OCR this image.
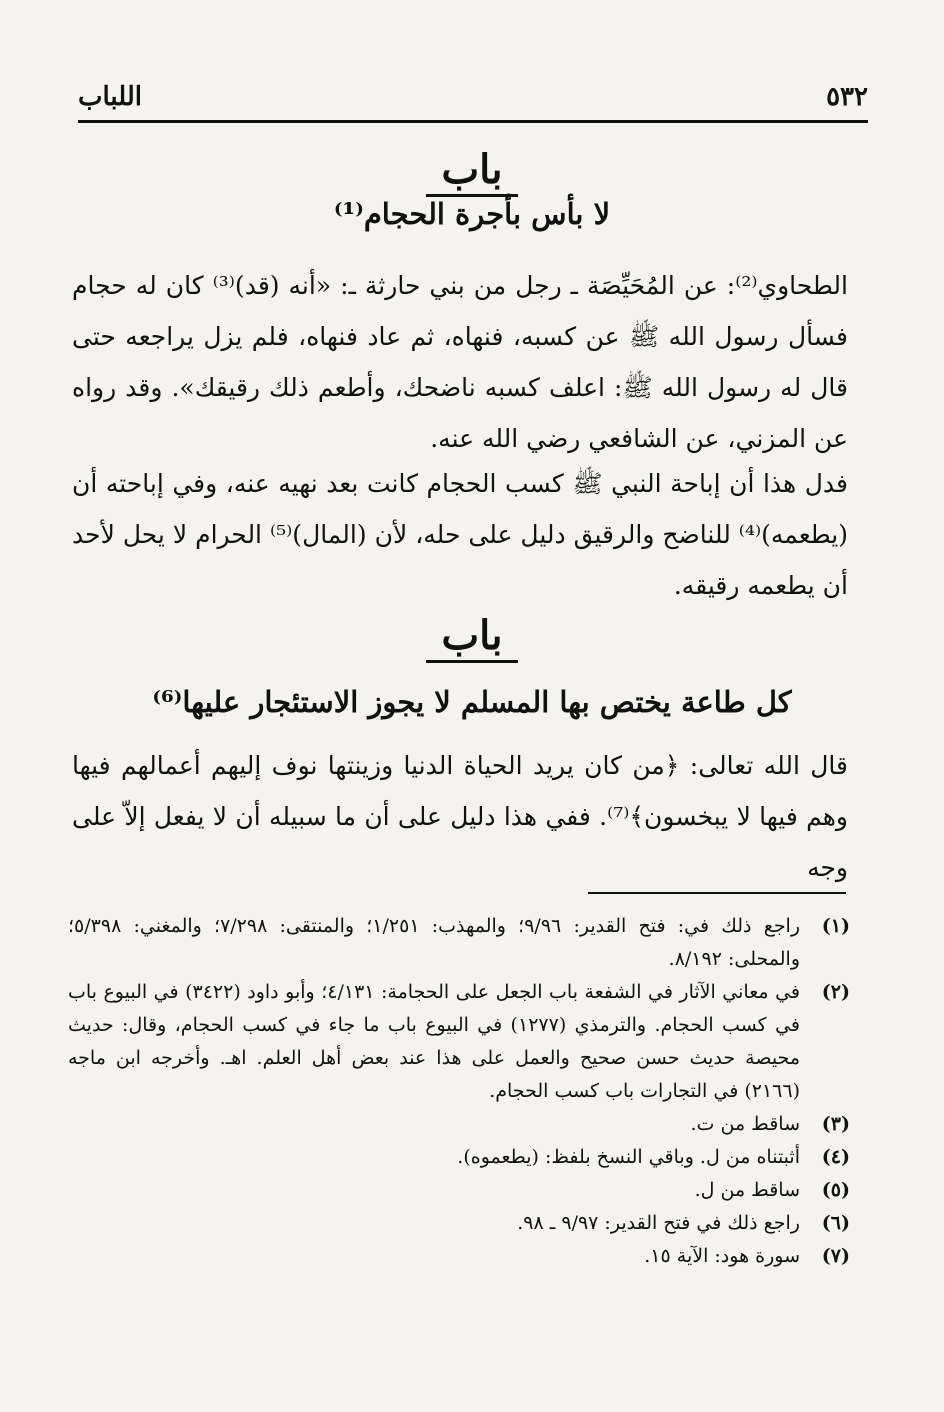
٥٣٢
اللباب
باب
لا بأس بأجرة الحجام⁽¹⁾
الطحاوي⁽²⁾: عن المُحَيِّصَة ـ رجل من بني حارثة ـ: «أنه (قد)⁽³⁾ كان له حجام فسأل رسول الله ﷺ عن كسبه، فنهاه، ثم عاد فنهاه، فلم يزل يراجعه حتى قال له رسول الله ﷺ: اعلف كسبه ناضحك، وأطعم ذلك رقيقك». وقد رواه عن المزني، عن الشافعي رضي الله عنه.
فدل هذا أن إباحة النبي ﷺ كسب الحجام كانت بعد نهيه عنه، وفي إباحته أن (يطعمه)⁽⁴⁾ للناضح والرقيق دليل على حله، لأن (المال)⁽⁵⁾ الحرام لا يحل لأحد أن يطعمه رقيقه.
باب
كل طاعة يختص بها المسلم لا يجوز الاستئجار عليها⁽⁶⁾
قال الله تعالى: ﴿من كان يريد الحياة الدنيا وزينتها نوف إليهم أعمالهم فيها وهم فيها لا يبخسون﴾⁽⁷⁾. ففي هذا دليل على أن ما سبيله أن لا يفعل إلاّ على وجه
(١)
راجع ذلك في: فتح القدير: ٩/٩٦؛ والمهذب: ١/٢٥١؛ والمنتقى: ٧/٢٩٨؛ والمغني: ٥/٣٩٨؛ والمحلى: ٨/١٩٢.
(٢)
في معاني الآثار في الشفعة باب الجعل على الحجامة: ٤/١٣١؛ وأبو داود (٣٤٢٢) في البيوع باب في كسب الحجام. والترمذي (١٢٧٧) في البيوع باب ما جاء في كسب الحجام، وقال: حديث محيصة حديث حسن صحيح والعمل على هذا عند بعض أهل العلم. اهـ. وأخرجه ابن ماجه (٢١٦٦) في التجارات باب كسب الحجام.
(٣)
ساقط من ت.
(٤)
أثبتناه من ل. وباقي النسخ بلفظ: (يطعموه).
(٥)
ساقط من ل.
(٦)
راجع ذلك في فتح القدير: ٩/٩٧ ـ ٩٨.
(٧)
سورة هود: الآية ١٥.
